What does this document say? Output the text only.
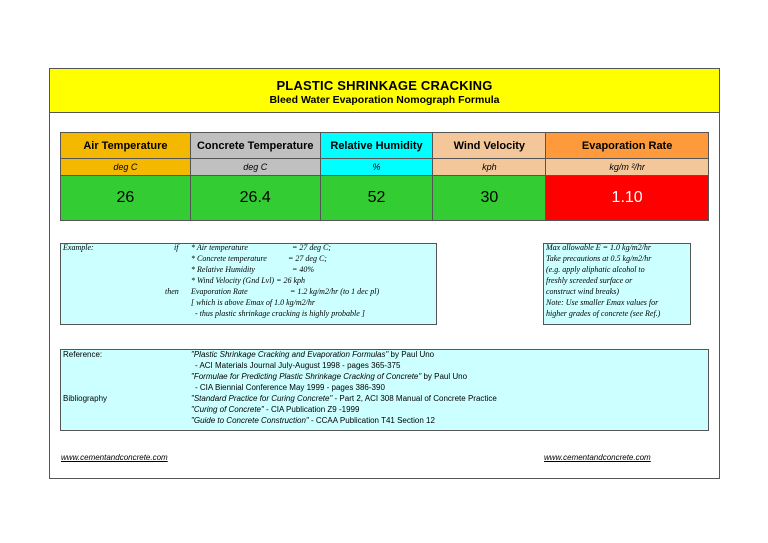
PLASTIC SHRINKAGE CRACKING
Bleed Water Evaporation Nomograph Formula
Air Temperature	Concrete Temperature	Relative Humidity	Wind Velocity	Evaporation Rate
deg C	deg C	%	kph	kg/m ²/hr
26	26.4	52	30	1.10
Example:	if * Air temperature	= 27 deg C;
* Concrete temperature	= 27 deg C;
* Relative Humidity	= 40%
* Wind Velocity (Gnd Lvl) = 26 kph
then Evaporation Rate	= 1.2 kg/m2/hr (to 1 dec pl)
[ which is above Emax of 1.0 kg/m2/hr
- thus plastic shrinkage cracking is highly probable ]
Max allowable E = 1.0 kg/m2/hr
Take precautions at 0.5 kg/m2/hr
(e.g. apply aliphatic alcohol to
freshly screeded surface or
construct wind breaks)
Note: Use smaller Emax values for
higher grades of concrete (see Ref.)
Reference:	"Plastic Shrinkage Cracking and Evaporation Formulas" by Paul Uno
- ACI Materials Journal July-August 1998 - pages 365-375
"Formulae for Predicting Plastic Shrinkage Cracking of Concrete" by Paul Uno
- CIA Biennial Conference May 1999 - pages 386-390
Bibliography	"Standard Practice for Curing Concrete" - Part 2, ACI 308 Manual of Concrete Practice
"Curing of Concrete" - CIA Publication Z9 -1999
"Guide to Concrete Construction" - CCAA Publication T41 Section 12
www.cementandconcrete.com	www.cementandconcrete.com
